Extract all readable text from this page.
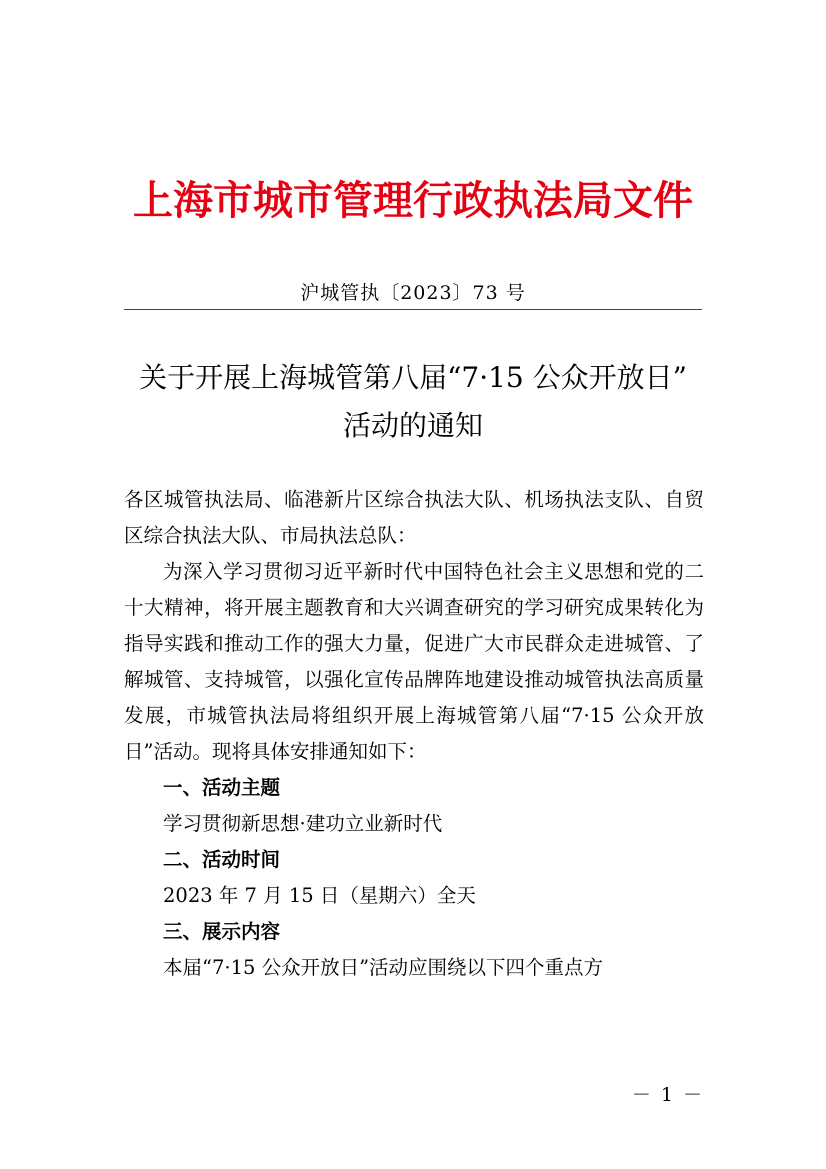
上海市城市管理行政执法局文件
沪城管执〔2023〕73 号
关于开展上海城管第八届“7·15 公众开放日”
活动的通知

各区城管执法局、临港新片区综合执法大队、机场执法支队、自贸区综合执法大队、市局执法总队：

为深入学习贯彻习近平新时代中国特色社会主义思想和党的二十大精神，将开展主题教育和大兴调查研究的学习研究成果转化为指导实践和推动工作的强大力量，促进广大市民群众走进城管、了解城管、支持城管，以强化宣传品牌阵地建设推动城管执法高质量发展，市城管执法局将组织开展上海城管第八届“7·15 公众开放日”活动。现将具体安排通知如下：

一、活动主题

学习贯彻新思想·建功立业新时代

二、活动时间

2023 年 7 月 15 日（星期六）全天

三、展示内容

本届“7·15 公众开放日”活动应围绕以下四个重点方

－ 1 －
